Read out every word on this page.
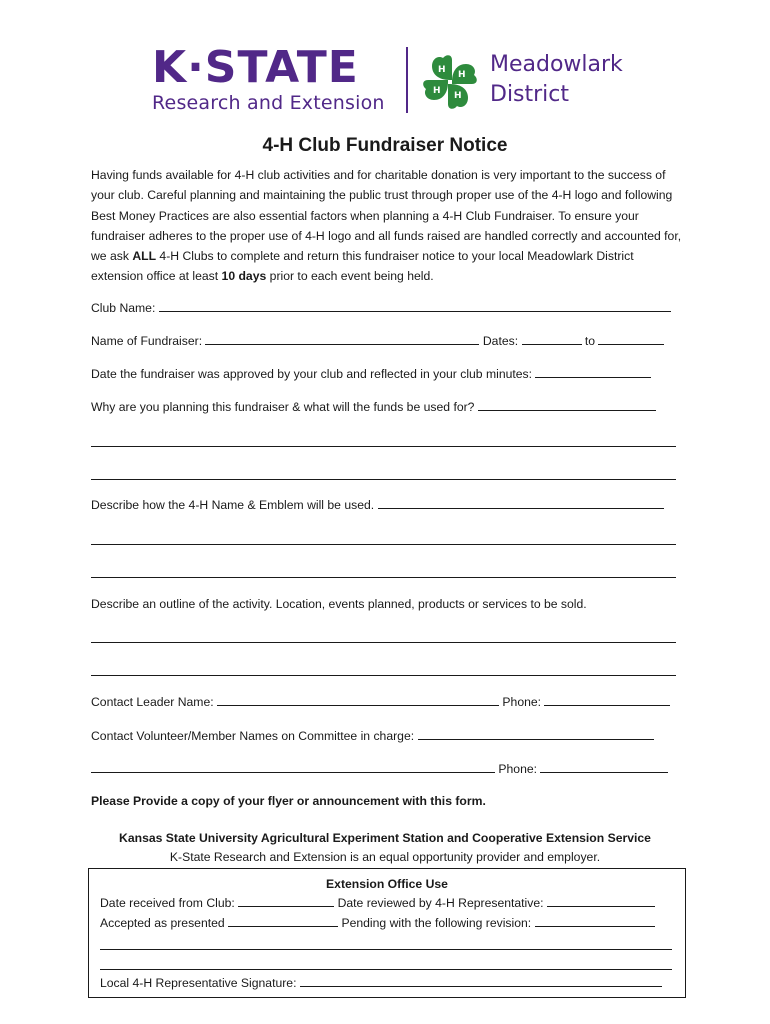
K·STATE
Research and Extension
H H
H
H
Meadowlark
District
4-H Club Fundraiser Notice
Having funds available for 4-H club activities and for charitable donation is very important to the success of your club. Careful planning and maintaining the public trust through proper use of the 4-H logo and following Best Money Practices are also essential factors when planning a 4-H Club Fundraiser. To ensure your fundraiser adheres to the proper use of 4-H logo and all funds raised are handled correctly and accounted for, we ask ALL 4-H Clubs to complete and return this fundraiser notice to your local Meadowlark District extension office at least 10 days prior to each event being held.
Club Name:
Name of Fundraiser:	Dates:	to
Date the fundraiser was approved by your club and reflected in your club minutes:
Why are you planning this fundraiser & what will the funds be used for?
Describe how the 4-H Name & Emblem will be used.
Describe an outline of the activity. Location, events planned, products or services to be sold.
Contact Leader Name:	Phone:
Contact Volunteer/Member Names on Committee in charge:
Phone:
Please Provide a copy of your flyer or announcement with this form.
Kansas State University Agricultural Experiment Station and Cooperative Extension Service
K-State Research and Extension is an equal opportunity provider and employer.
Extension Office Use
Date received from Club:	Date reviewed by 4-H Representative:
Accepted as presented	Pending with the following revision:
Local 4-H Representative Signature:
